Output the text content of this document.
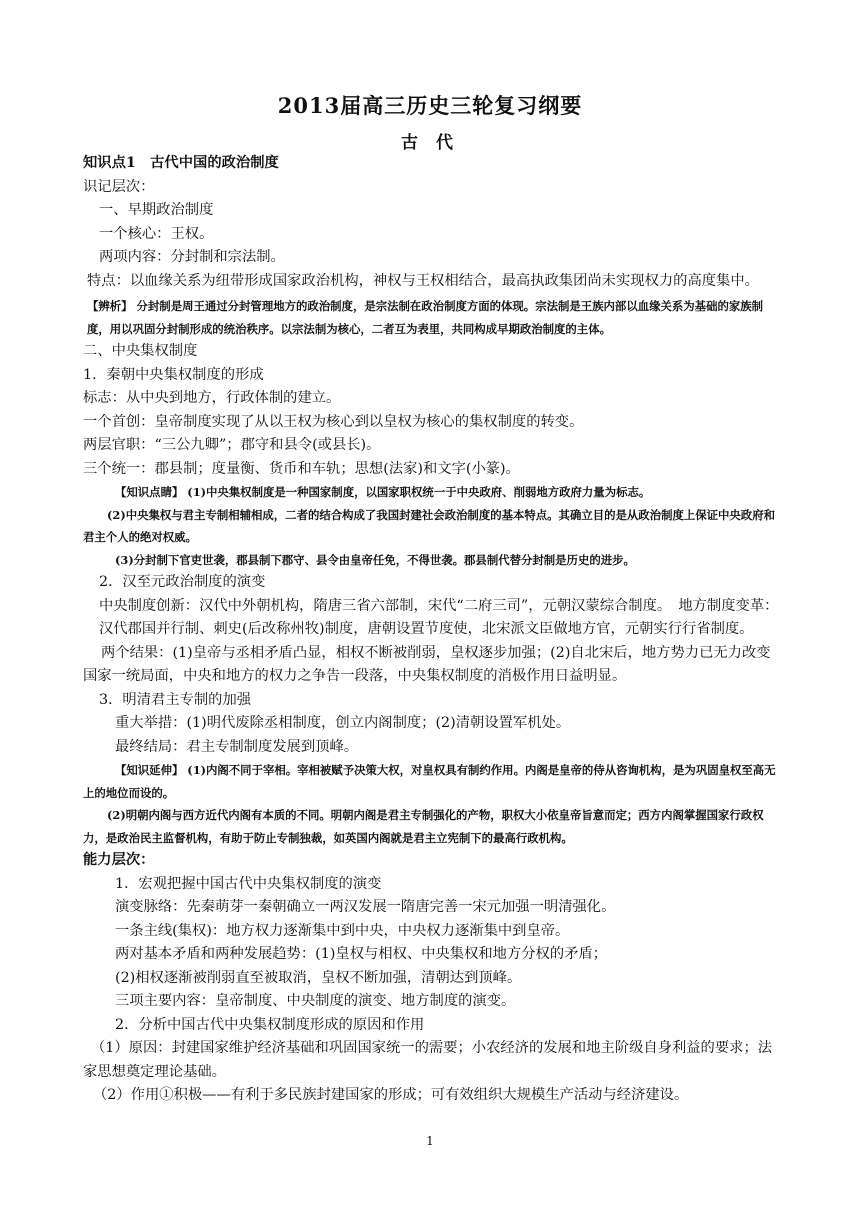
2013届高三历史三轮复习纲要
古 代

知识点1　古代中国的政治制度

识记层次：

一、早期政治制度

一个核心：王权。

两项内容：分封制和宗法制。

特点：以血缘关系为纽带形成国家政治机构，神权与王权相结合，最高执政集团尚未实现权力的高度集中。

【辨析】 分封制是周王通过分封管理地方的政治制度，是宗法制在政治制度方面的体现。宗法制是王族内部以血缘关系为基础的家族制度，用以巩固分封制形成的统治秩序。以宗法制为核心，二者互为表里，共同构成早期政治制度的主体。

二、中央集权制度

1．秦朝中央集权制度的形成

标志：从中央到地方，行政体制的建立。

一个首创：皇帝制度实现了从以王权为核心到以皇权为核心的集权制度的转变。

两层官职：“三公九卿”；郡守和县令(或县长)。

三个统一：郡县制；度量衡、货币和车轨；思想(法家)和文字(小篆)。

【知识点睛】 (1)中央集权制度是一种国家制度，以国家职权统一于中央政府、削弱地方政府力量为标志。

(2)中央集权与君主专制相辅相成，二者的结合构成了我国封建社会政治制度的基本特点。其确立目的是从政治制度上保证中央政府和君主个人的绝对权威。

(3)分封制下官吏世袭，郡县制下郡守、县令由皇帝任免，不得世袭。郡县制代替分封制是历史的进步。

2．汉至元政治制度的演变

中央制度创新：汉代中外朝机构，隋唐三省六部制，宋代“二府三司”，元朝汉蒙综合制度。　地方制度变革：汉代郡国并行制、刺史(后改称州牧)制度，唐朝设置节度使，北宋派文臣做地方官，元朝实行行省制度。

两个结果：(1)皇帝与丞相矛盾凸显，相权不断被削弱，皇权逐步加强；(2)自北宋后，地方势力已无力改变国家一统局面，中央和地方的权力之争告一段落，中央集权制度的消极作用日益明显。

3．明清君主专制的加强

重大举措：(1)明代废除丞相制度，创立内阁制度；(2)清朝设置军机处。

最终结局：君主专制制度发展到顶峰。

【知识延伸】 (1)内阁不同于宰相。宰相被赋予决策大权，对皇权具有制约作用。内阁是皇帝的侍从咨询机构，是为巩固皇权至高无上的地位而设的。

(2)明朝内阁与西方近代内阁有本质的不同。明朝内阁是君主专制强化的产物，职权大小依皇帝旨意而定；西方内阁掌握国家行政权力，是政治民主监督机构，有助于防止专制独裁，如英国内阁就是君主立宪制下的最高行政机构。

能力层次：

1．宏观把握中国古代中央集权制度的演变

演变脉络：先秦萌芽一秦朝确立一两汉发展一隋唐完善一宋元加强一明清强化。

一条主线(集权)：地方权力逐渐集中到中央，中央权力逐渐集中到皇帝。

两对基本矛盾和两种发展趋势：(1)皇权与相权、中央集权和地方分权的矛盾；

(2)相权逐渐被削弱直至被取消，皇权不断加强，清朝达到顶峰。

三项主要内容：皇帝制度、中央制度的演变、地方制度的演变。

2．分析中国古代中央集权制度形成的原因和作用

（1）原因：封建国家维护经济基础和巩固国家统一的需要；小农经济的发展和地主阶级自身利益的要求；法家思想奠定理论基础。

（2）作用①积极——有利于多民族封建国家的形成；可有效组织大规模生产活动与经济建设。

1
